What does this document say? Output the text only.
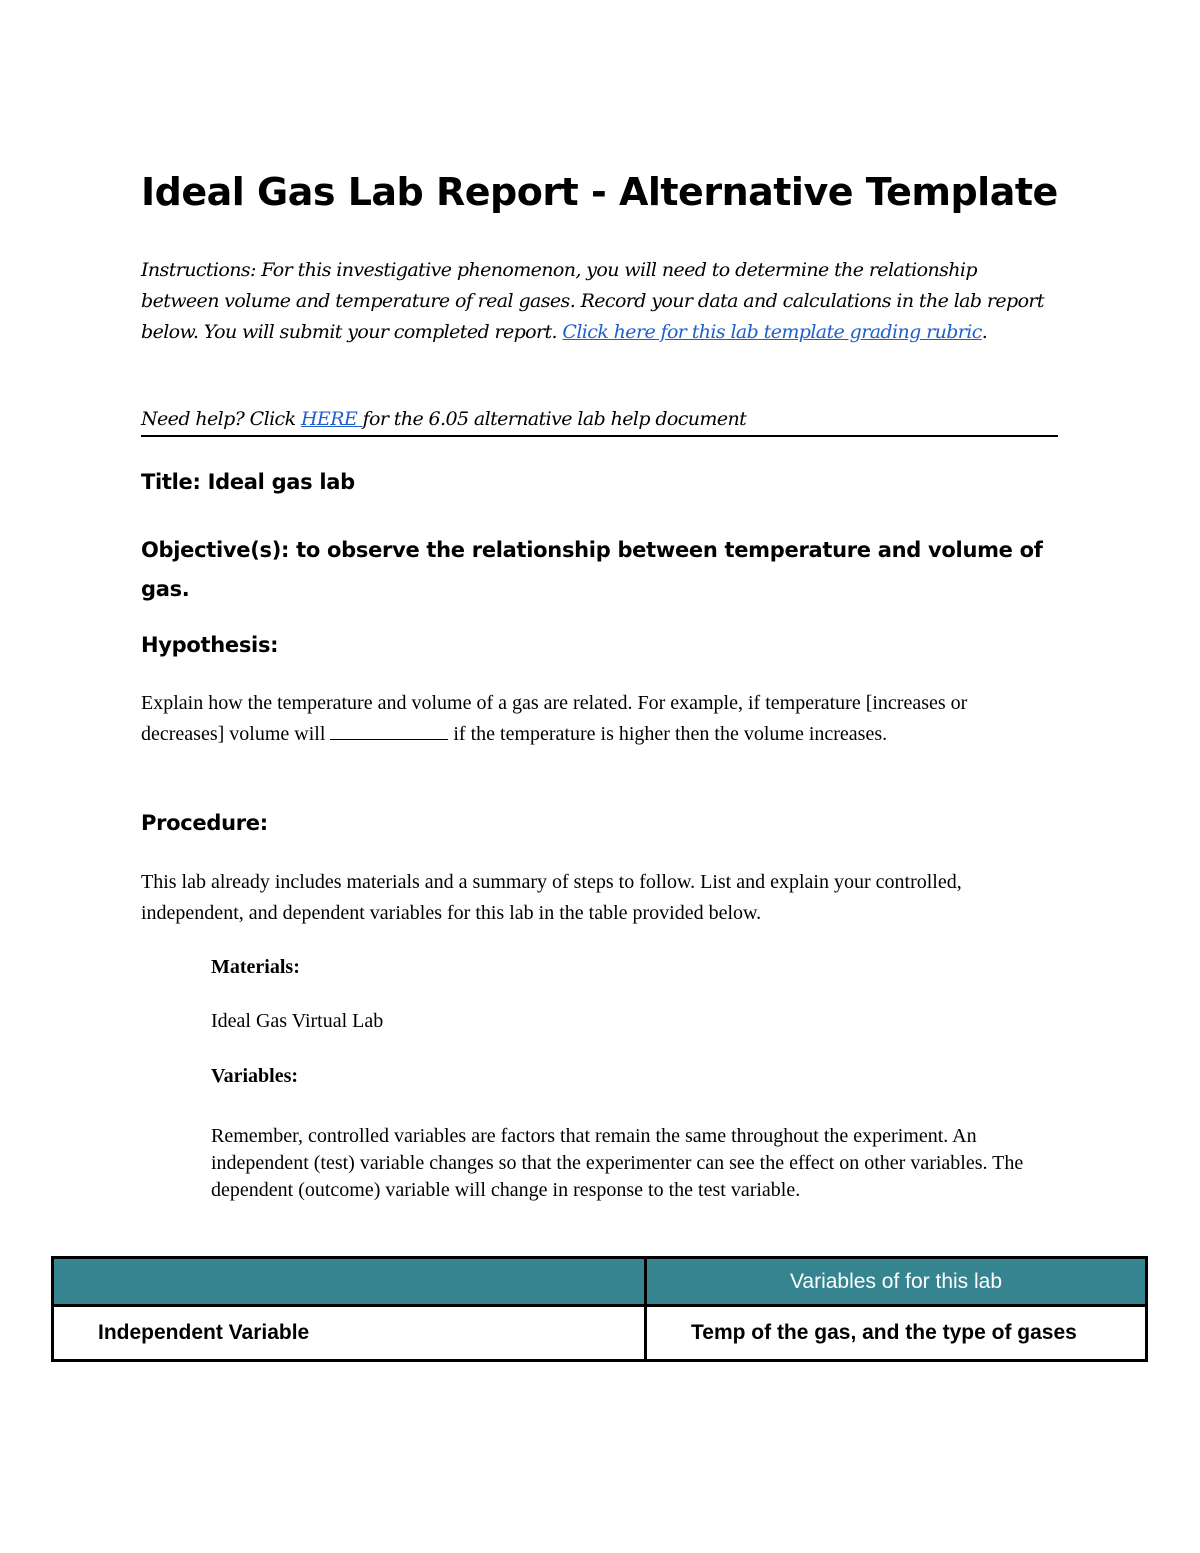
Ideal Gas Lab Report - Alternative Template

Instructions: For this investigative phenomenon, you will need to determine the relationship between volume and temperature of real gases. Record your data and calculations in the lab report below. You will submit your completed report. Click here for this lab template grading rubric.

Need help? Click HERE for the 6.05 alternative lab help document

Title: Ideal gas lab
Objective(s): to observe the relationship between temperature and volume of gas.
Hypothesis:

Explain how the temperature and volume of a gas are related. For example, if temperature [increases or decreases] volume will	if the temperature is higher then the volume increases.

Procedure:

This lab already includes materials and a summary of steps to follow. List and explain your controlled, independent, and dependent variables for this lab in the table provided below.

Materials:

Ideal Gas Virtual Lab

Variables:

Remember, controlled variables are factors that remain the same throughout the experiment. An independent (test) variable changes so that the experimenter can see the effect on other variables. The dependent (outcome) variable will change in response to the test variable.

	Variables of for this lab
Independent Variable	Temp of the gas, and the type of gases
